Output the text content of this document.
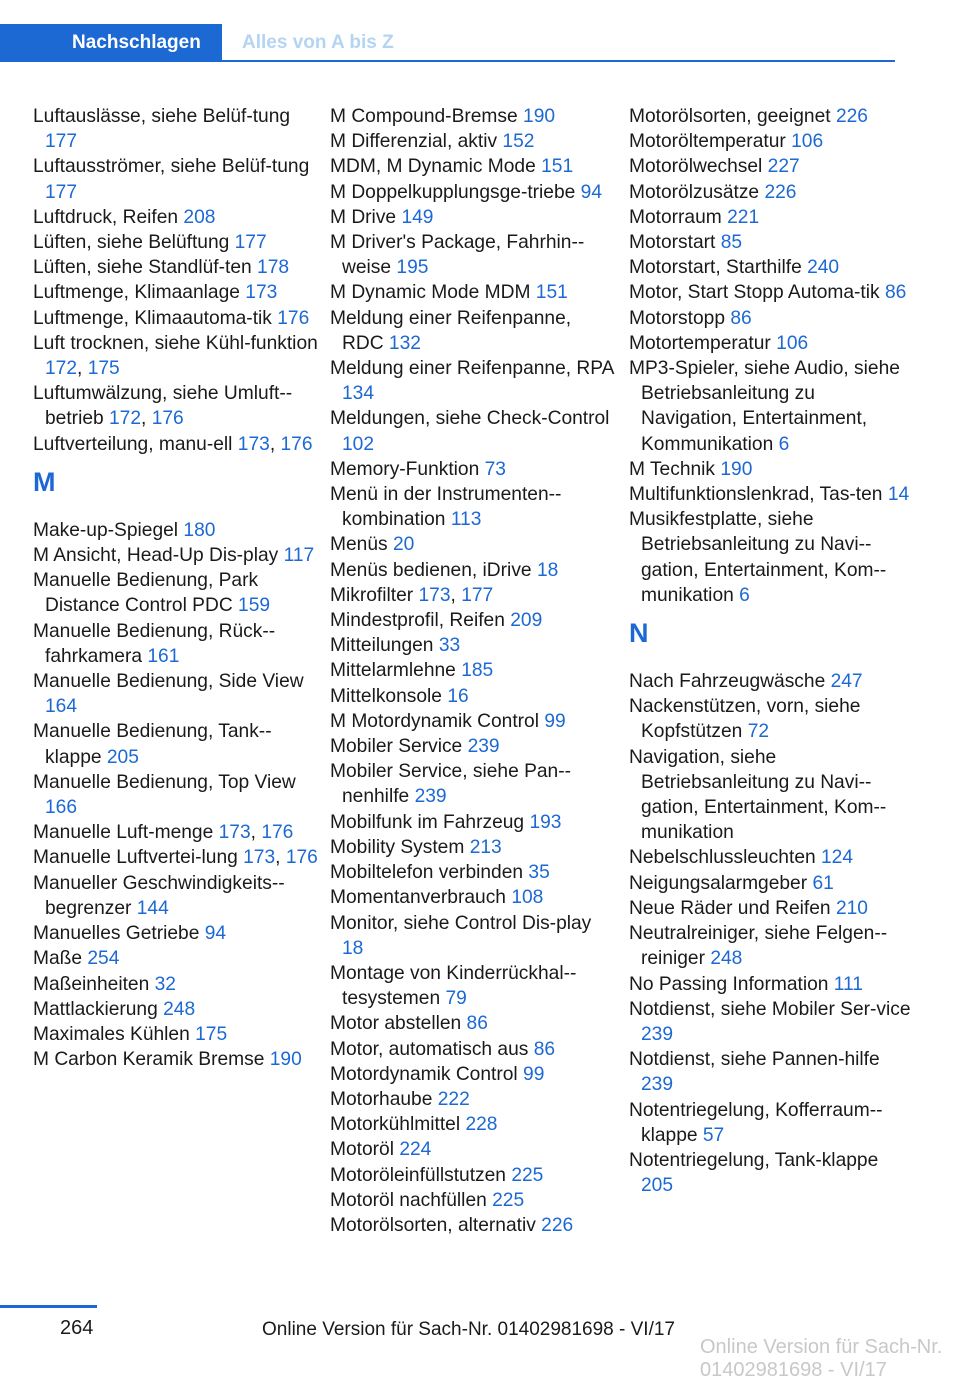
Nachschlagen Alles von A bis Z
Luftauslässe, siehe Belüf-tung 177
Luftausströmer, siehe Belüf-tung 177
Luftdruck, Reifen 208
Lüften, siehe Belüftung 177
Lüften, siehe Standlüf-ten 178
Luftmenge, Klimaanlage 173
Luftmenge, Klimaautoma-tik 176
Luft trocknen, siehe Kühl-funktion 172, 175
Luftumwälzung, siehe Umluft-betrieb 172, 176
Luftverteilung, manu-ell 173, 176
M
Make-up-Spiegel 180
M Ansicht, Head-Up Dis-play 117
Manuelle Bedienung, Park Distance Control PDC 159
Manuelle Bedienung, Rück-fahrkamera 161
Manuelle Bedienung, Side View 164
Manuelle Bedienung, Tank-klappe 205
Manuelle Bedienung, Top View 166
Manuelle Luft-menge 173, 176
Manuelle Luftvertei-lung 173, 176
Manueller Geschwindigkeits-begrenzer 144
Manuelles Getriebe 94
Maße 254
Maßeinheiten 32
Mattlackierung 248
Maximales Kühlen 175
M Carbon Keramik Bremse 190
M Compound-Bremse 190
M Differenzial, aktiv 152
MDM, M Dynamic Mode 151
M Doppelkupplungsge-triebe 94
M Drive 149
M Driver's Package, Fahrhin-weise 195
M Dynamic Mode MDM 151
Meldung einer Reifenpanne, RDC 132
Meldung einer Reifenpanne, RPA 134
Meldungen, siehe Check-Control 102
Memory-Funktion 73
Menü in der Instrumenten-kombination 113
Menüs 20
Menüs bedienen, iDrive 18
Mikrofilter 173, 177
Mindestprofil, Reifen 209
Mitteilungen 33
Mittelarmlehne 185
Mittelkonsole 16
M Motordynamik Control 99
Mobiler Service 239
Mobiler Service, siehe Pan-nenhilfe 239
Mobilfunk im Fahrzeug 193
Mobility System 213
Mobiltelefon verbinden 35
Momentanverbrauch 108
Monitor, siehe Control Dis-play 18
Montage von Kinderrückhal-tesystemen 79
Motor abstellen 86
Motor, automatisch aus 86
Motordynamik Control 99
Motorhaube 222
Motorkühlmittel 228
Motoröl 224
Motoröleinfüllstutzen 225
Motoröl nachfüllen 225
Motorölsorten, alternativ 226
Motorölsorten, geeignet 226
Motoröltemperatur 106
Motorölwechsel 227
Motorölzusätze 226
Motorraum 221
Motorstart 85
Motorstart, Starthilfe 240
Motor, Start Stopp Automa-tik 86
Motorstopp 86
Motortemperatur 106
MP3-Spieler, siehe Audio, siehe Betriebsanleitung zu Navigation, Entertainment, Kommunikation 6
M Technik 190
Multifunktionslenkrad, Tas-ten 14
Musikfestplatte, siehe Betriebsanleitung zu Navi-gation, Entertainment, Kom-munikation 6
N
Nach Fahrzeugwäsche 247
Nackenstützen, vorn, siehe Kopfstützen 72
Navigation, siehe Betriebsanleitung zu Navi-gation, Entertainment, Kom-munikation
Nebelschlussleuchten 124
Neigungsalarmgeber 61
Neue Räder und Reifen 210
Neutralreiniger, siehe Felgen-reiniger 248
No Passing Information 111
Notdienst, siehe Mobiler Ser-vice 239
Notdienst, siehe Pannen-hilfe 239
Notentriegelung, Kofferraum-klappe 57
Notentriegelung, Tank-klappe 205
264	Online Version für Sach-Nr. 01402981698 - VI/17
Online Version für Sach-Nr. 01402981698 - VI/17
